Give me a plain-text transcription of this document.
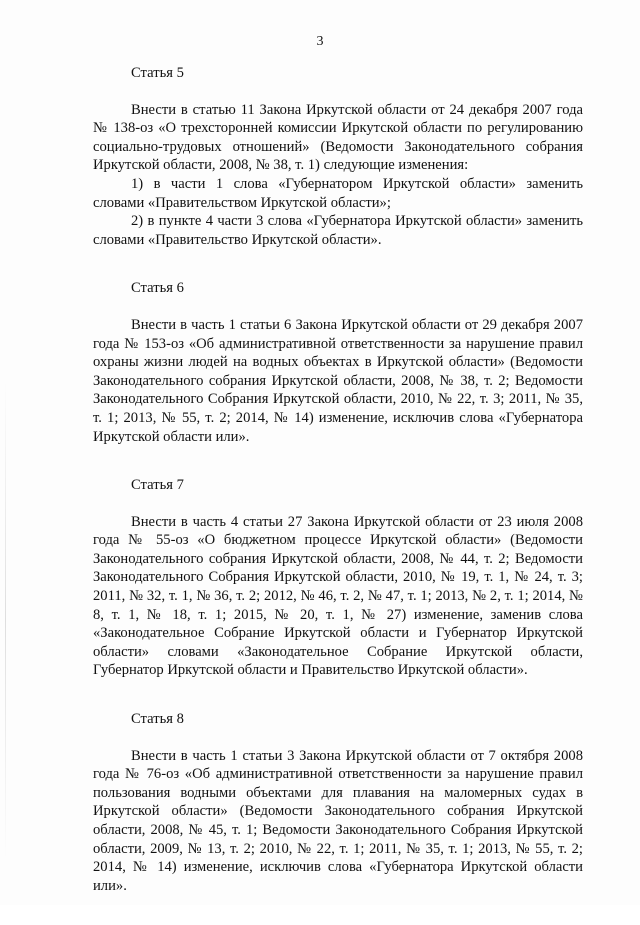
3
Статья 5

Внести в статью 11 Закона Иркутской области от 24 декабря 2007 года № 138-оз «О трехсторонней комиссии Иркутской области по регулированию социально-трудовых отношений» (Ведомости Законодательного собрания Иркутской области, 2008, № 38, т. 1) следующие изменения:

1) в части 1 слова «Губернатором Иркутской области» заменить словами «Правительством Иркутской области»;

2) в пункте 4 части 3 слова «Губернатора Иркутской области» заменить словами «Правительство Иркутской области».

Статья 6

Внести в часть 1 статьи 6 Закона Иркутской области от 29 декабря 2007 года № 153-оз «Об административной ответственности за нарушение правил охраны жизни людей на водных объектах в Иркутской области» (Ведомости Законодательного собрания Иркутской области, 2008, № 38, т. 2; Ведомости Законодательного Собрания Иркутской области, 2010, № 22, т. 3; 2011, № 35, т. 1; 2013, № 55, т. 2; 2014, № 14) изменение, исключив слова «Губернатора Иркутской области или».

Статья 7

Внести в часть 4 статьи 27 Закона Иркутской области от 23 июля 2008 года № 55-оз «О бюджетном процессе Иркутской области» (Ведомости Законодательного собрания Иркутской области, 2008, № 44, т. 2; Ведомости Законодательного Собрания Иркутской области, 2010, № 19, т. 1, № 24, т. 3; 2011, № 32, т. 1, № 36, т. 2; 2012, № 46, т. 2, № 47, т. 1; 2013, № 2, т. 1; 2014, № 8, т. 1, № 18, т. 1; 2015, № 20, т. 1, № 27) изменение, заменив слова «Законодательное Собрание Иркутской области и Губернатор Иркутской области» словами «Законодательное Собрание Иркутской области, Губернатор Иркутской области и Правительство Иркутской области».

Статья 8

Внести в часть 1 статьи 3 Закона Иркутской области от 7 октября 2008 года № 76-оз «Об административной ответственности за нарушение правил пользования водными объектами для плавания на маломерных судах в Иркутской области» (Ведомости Законодательного собрания Иркутской области, 2008, № 45, т. 1; Ведомости Законодательного Собрания Иркутской области, 2009, № 13, т. 2; 2010, № 22, т. 1; 2011, № 35, т. 1; 2013, № 55, т. 2; 2014, № 14) изменение, исключив слова «Губернатора Иркутской области или».
